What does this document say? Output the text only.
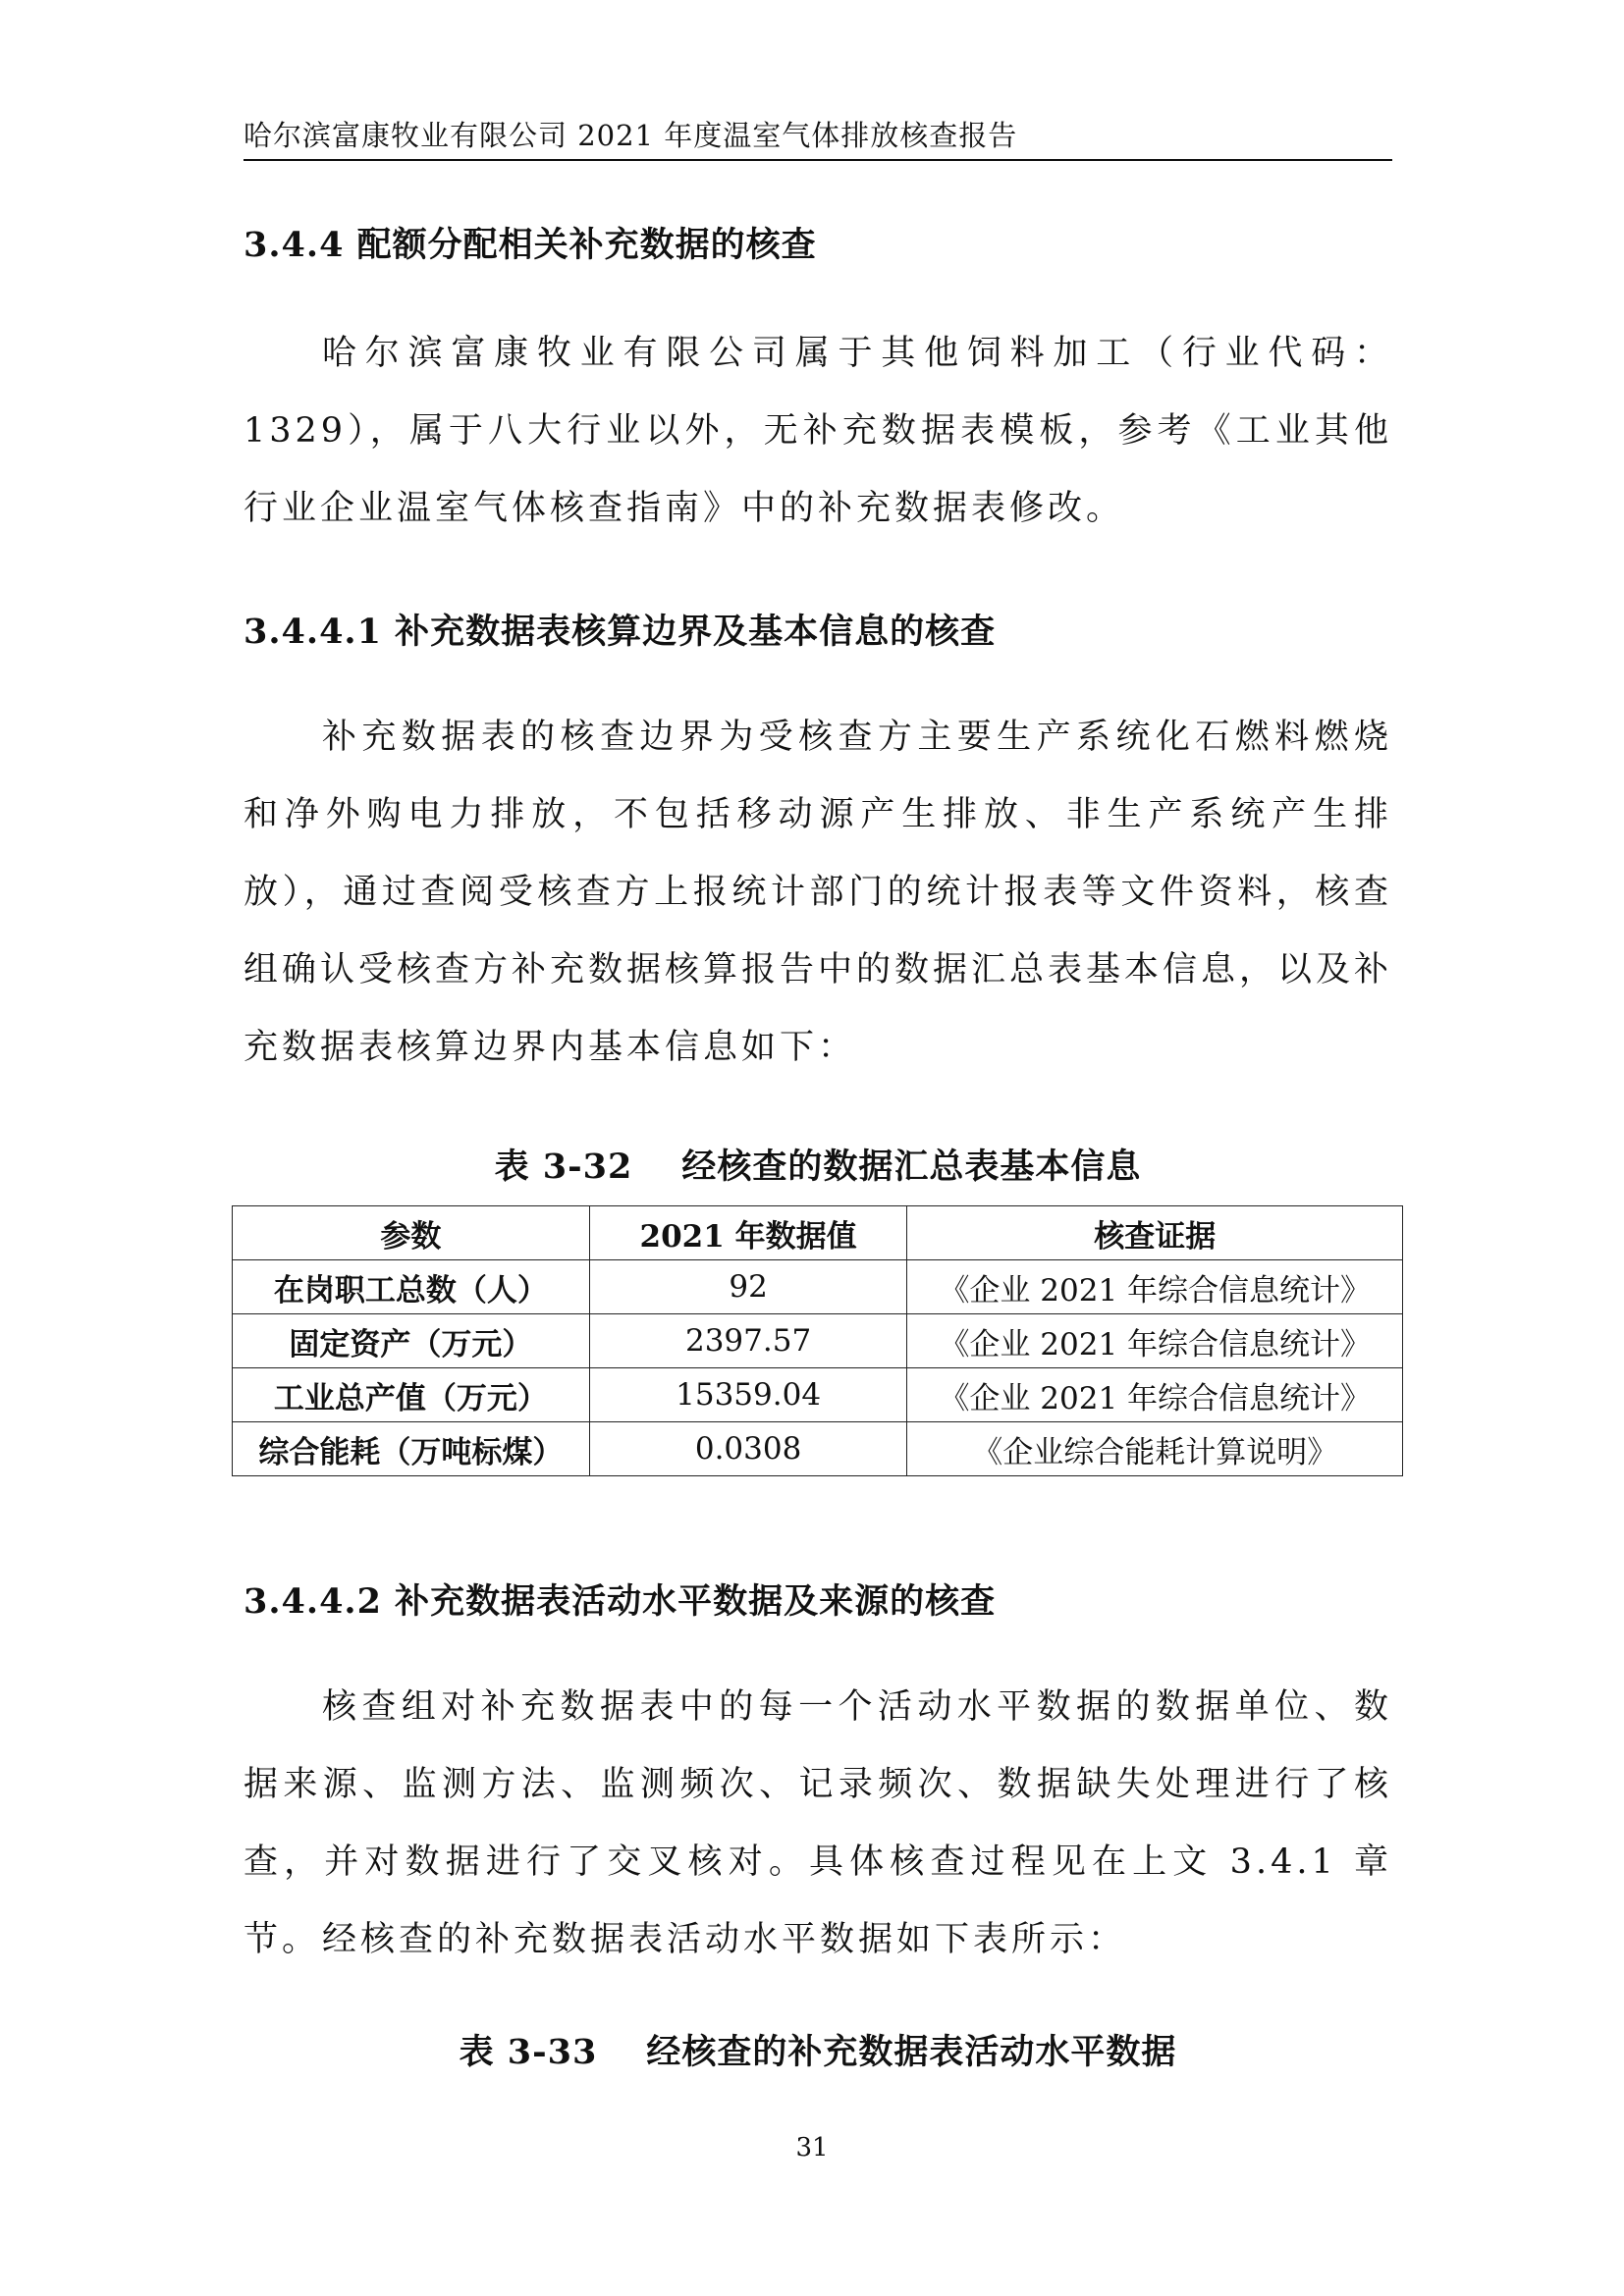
哈尔滨富康牧业有限公司 2021 年度温室气体排放核查报告
3.4.4 配额分配相关补充数据的核查
哈尔滨富康牧业有限公司属于其他饲料加工（行业代码：1329），属于八大行业以外，无补充数据表模板，参考《工业其他行业企业温室气体核查指南》中的补充数据表修改。
3.4.4.1 补充数据表核算边界及基本信息的核查
补充数据表的核查边界为受核查方主要生产系统化石燃料燃烧和净外购电力排放，不包括移动源产生排放、非生产系统产生排放），通过查阅受核查方上报统计部门的统计报表等文件资料，核查组确认受核查方补充数据核算报告中的数据汇总表基本信息，以及补充数据表核算边界内基本信息如下：
表 3-32 经核查的数据汇总表基本信息
参数	2021 年数据值	核查证据
在岗职工总数（人）	92	《企业 2021 年综合信息统计》
固定资产（万元）	2397.57	《企业 2021 年综合信息统计》
工业总产值（万元）	15359.04	《企业 2021 年综合信息统计》
综合能耗（万吨标煤）	0.0308	《企业综合能耗计算说明》
3.4.4.2 补充数据表活动水平数据及来源的核查
核查组对补充数据表中的每一个活动水平数据的数据单位、数据来源、监测方法、监测频次、记录频次、数据缺失处理进行了核查，并对数据进行了交叉核对。具体核查过程见在上文 3.4.1 章节。 经核查的补充数据表活动水平数据如下表所示：
表 3-33 经核查的补充数据表活动水平数据
31
